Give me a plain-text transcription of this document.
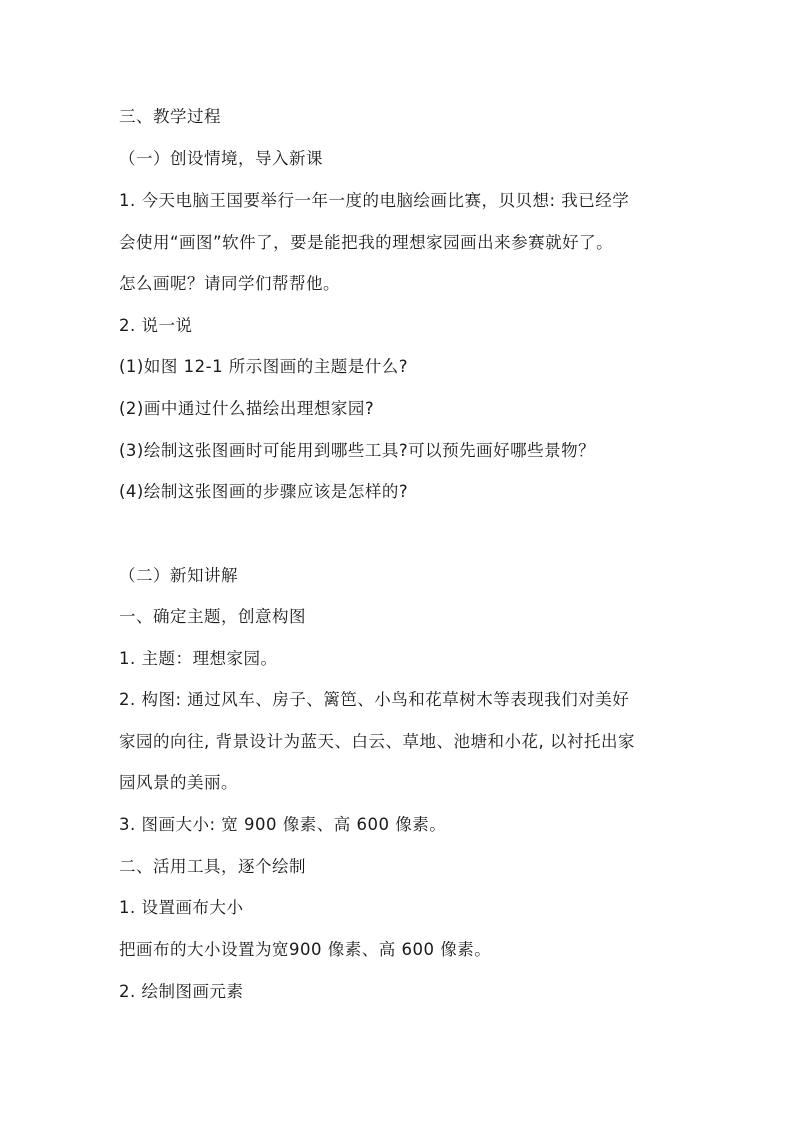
三、教学过程
（一）创设情境，导入新课
1. 今天电脑王国要举行一年一度的电脑绘画比赛，贝贝想: 我已经学
会使用“画图”软件了，要是能把我的理想家园画出来参赛就好了。
怎么画呢？请同学们帮帮他。
2. 说一说
(1)如图 12-1 所示图画的主题是什么?
(2)画中通过什么描绘出理想家园?
(3)绘制这张图画时可能用到哪些工具?可以预先画好哪些景物？
(4)绘制这张图画的步骤应该是怎样的?
（二）新知讲解
一、确定主题，创意构图
1. 主题：理想家园。
2. 构图: 通过风车、房子、篱笆、小鸟和花草树木等表现我们对美好
家园的向往, 背景设计为蓝天、白云、草地、池塘和小花, 以衬托出家
园风景的美丽。
3. 图画大小: 宽 900 像素、高 600 像素。
二、活用工具，逐个绘制
1. 设置画布大小
把画布的大小设置为宽900 像素、高 600 像素。
2. 绘制图画元素
